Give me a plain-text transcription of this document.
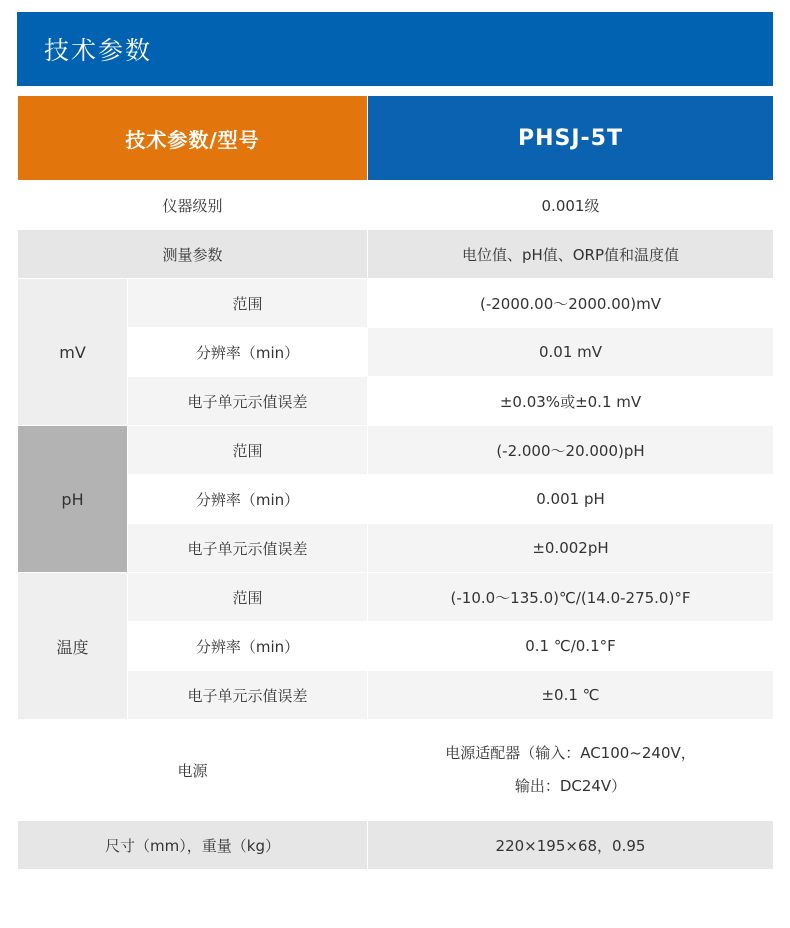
技术参数
技术参数/型号		PHSJ-5T
仪器级别		0.001级
测量参数		电位值、pH值、ORP值和温度值
mV	范围	(-2000.00～2000.00)mV
	分辨率（min）	0.01 mV
	电子单元示值误差	±0.03%或±0.1 mV
pH	范围	(-2.000～20.000)pH
	分辨率（min）	0.001 pH
	电子单元示值误差	±0.002pH
温度	范围	(-10.0～135.0)℃/(14.0-275.0)°F
	分辨率（min）	0.1 ℃/0.1°F
	电子单元示值误差	±0.1 ℃
电源		电源适配器（输入：AC100~240V，
输出：DC24V）

尺寸（mm），重量（kg）		220×195×68，0.95
